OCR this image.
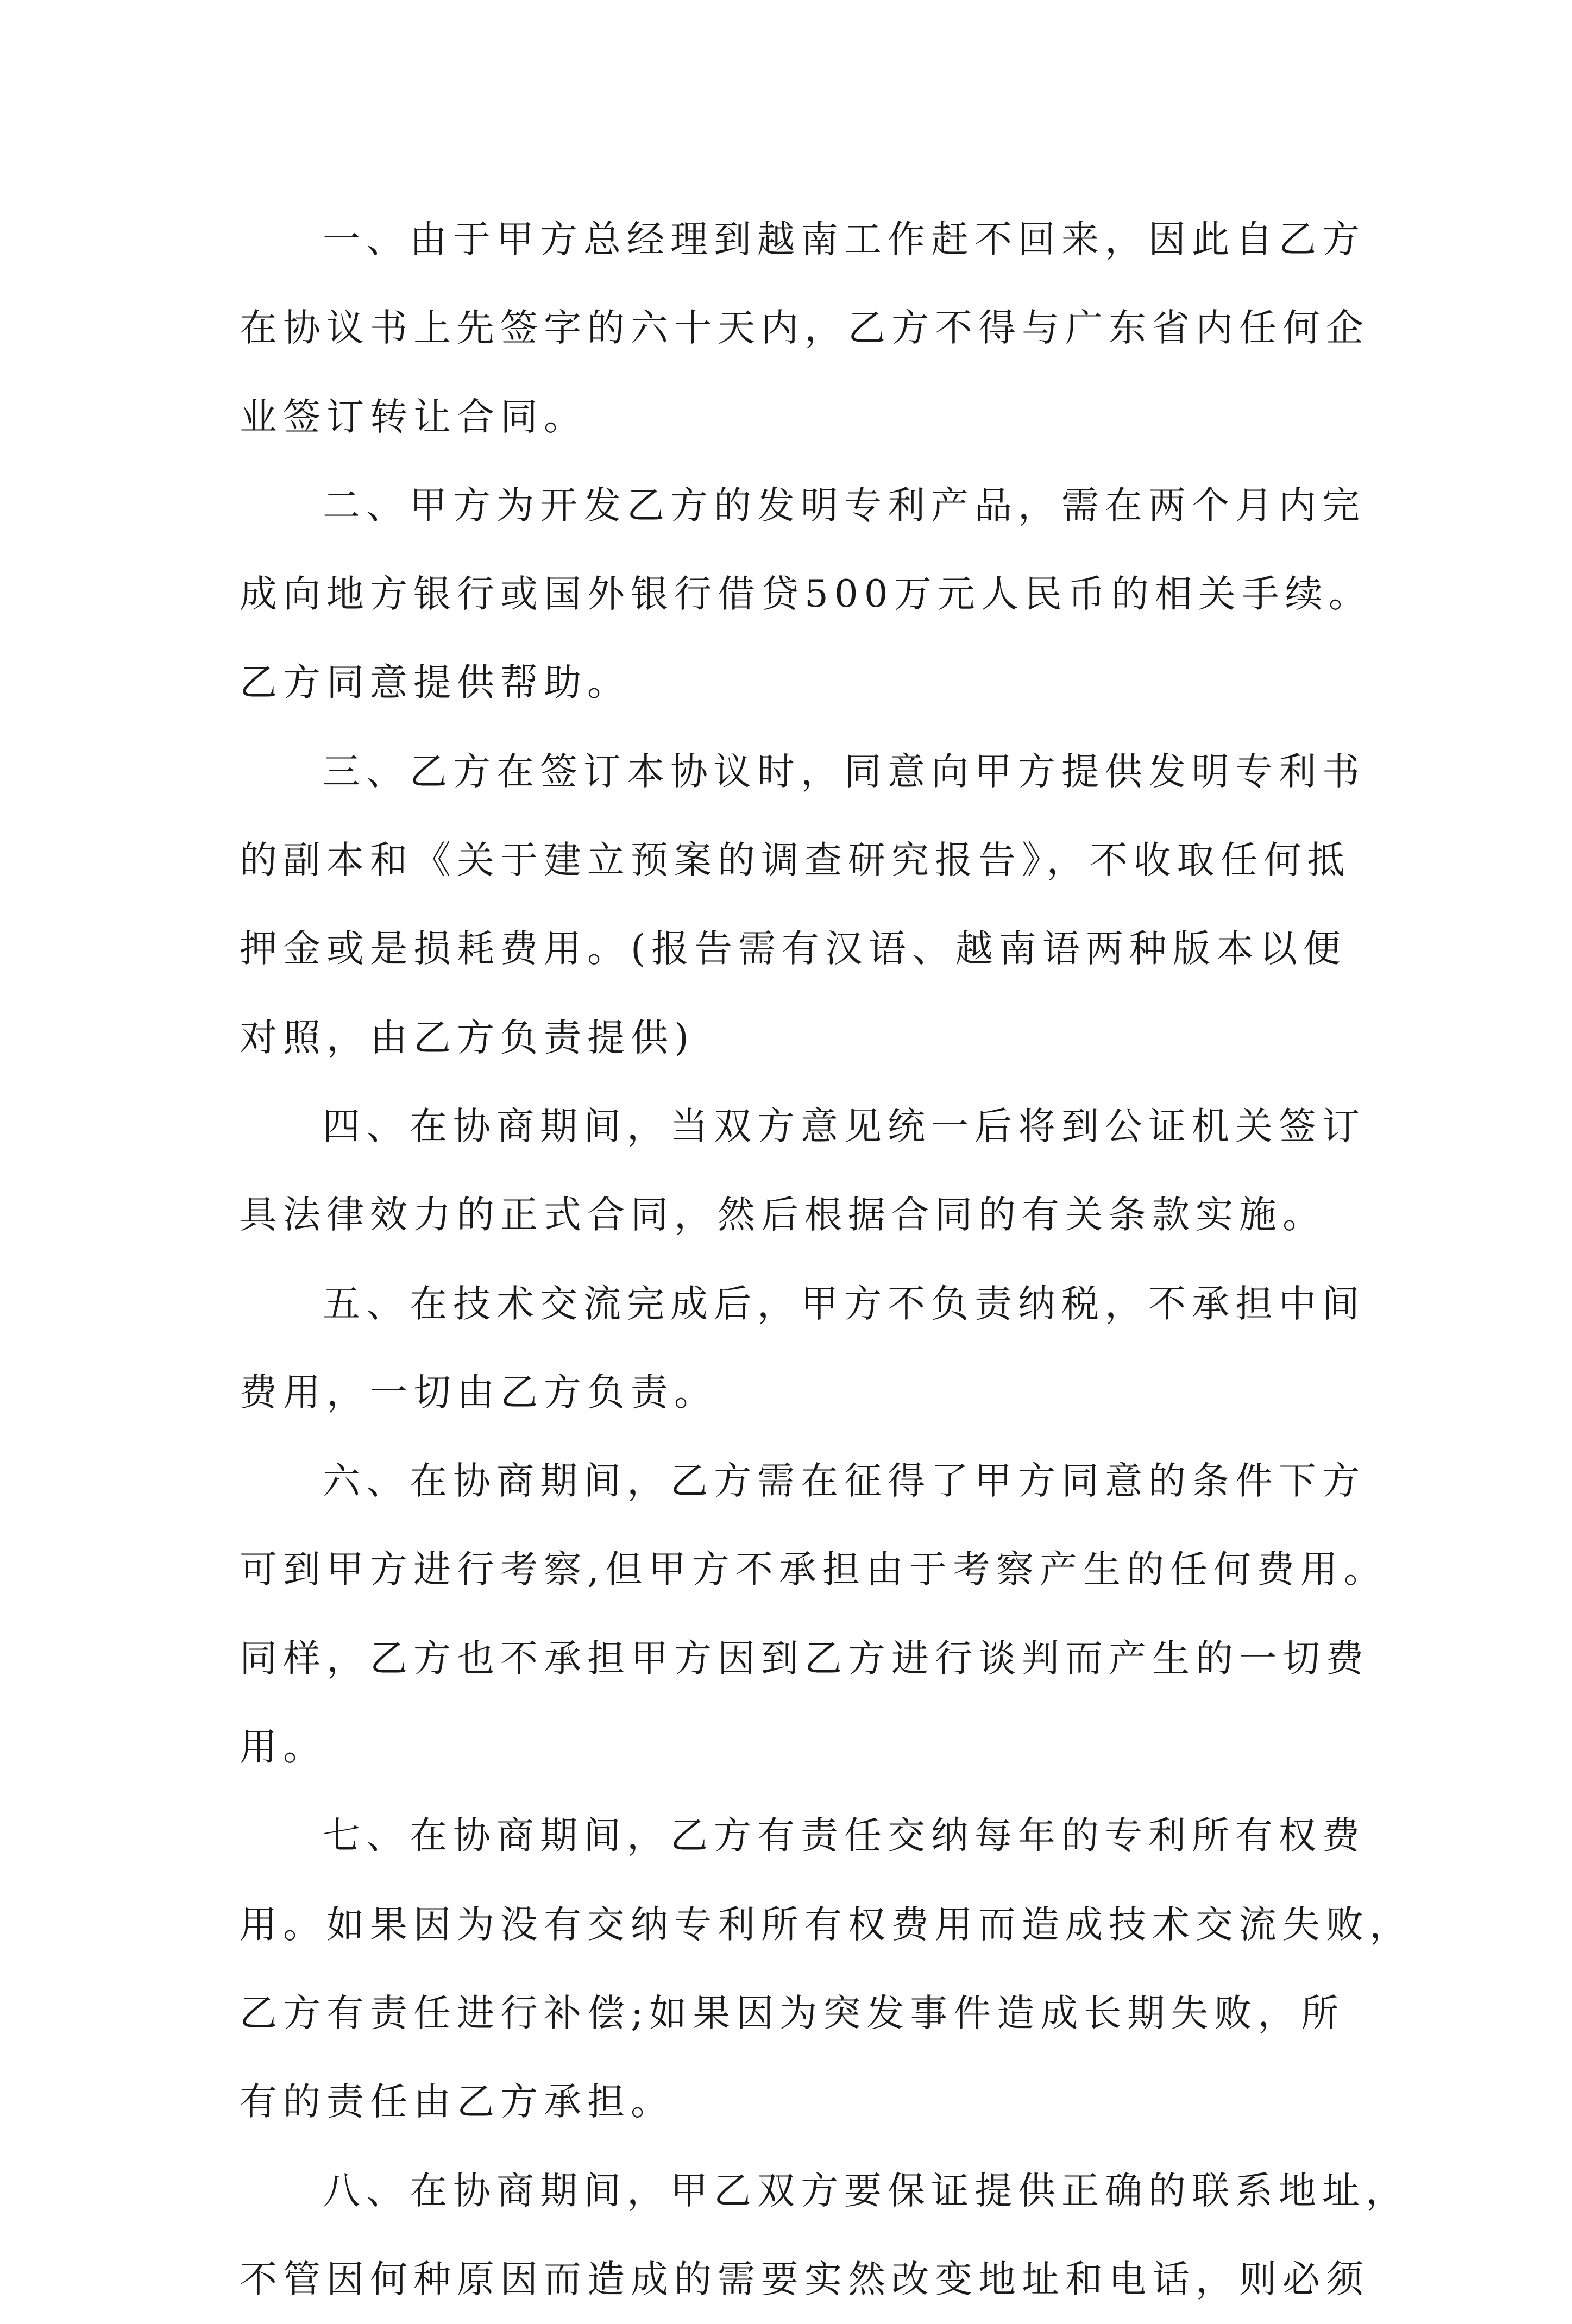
一、由于甲方总经理到越南工作赶不回来，因此自乙方
在协议书上先签字的六十天内，乙方不得与广东省内任何企
业签订转让合同。
二、甲方为开发乙方的发明专利产品，需在两个月内完
成向地方银行或国外银行借贷500万元人民币的相关手续。
乙方同意提供帮助。
三、乙方在签订本协议时，同意向甲方提供发明专利书
的副本和《关于建立预案的调查研究报告》，不收取任何抵
押金或是损耗费用。(报告需有汉语、越南语两种版本以便
对照，由乙方负责提供)
四、在协商期间，当双方意见统一后将到公证机关签订
具法律效力的正式合同，然后根据合同的有关条款实施。
五、在技术交流完成后，甲方不负责纳税，不承担中间
费用，一切由乙方负责。
六、在协商期间，乙方需在征得了甲方同意的条件下方
可到甲方进行考察,但甲方不承担由于考察产生的任何费用。
同样，乙方也不承担甲方因到乙方进行谈判而产生的一切费
用。
七、在协商期间，乙方有责任交纳每年的专利所有权费
用。如果因为没有交纳专利所有权费用而造成技术交流失败，
乙方有责任进行补偿;如果因为突发事件造成长期失败，所
有的责任由乙方承担。
八、在协商期间，甲乙双方要保证提供正确的联系地址，
不管因何种原因而造成的需要实然改变地址和电话，则必须
